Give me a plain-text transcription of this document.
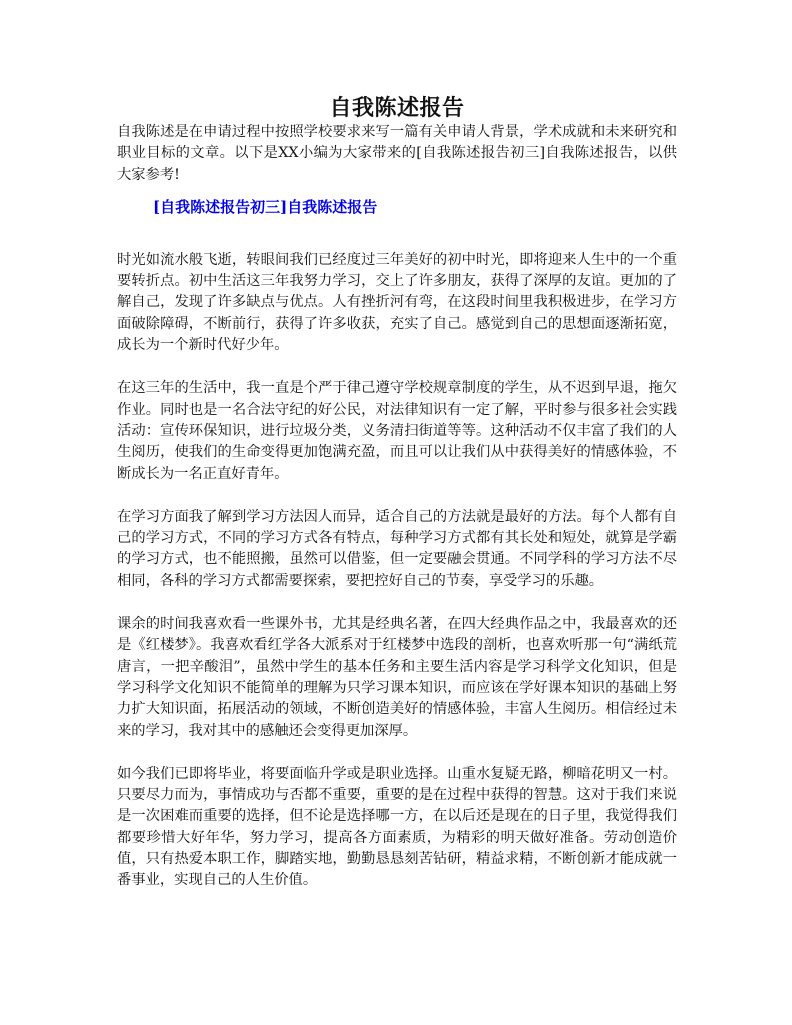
自我陈述报告

自我陈述是在申请过程中按照学校要求来写一篇有关申请人背景，学术成就和未来研究和职业目标的文章。以下是XX小编为大家带来的[自我陈述报告初三]自我陈述报告，以供大家参考!

[自我陈述报告初三]自我陈述报告

时光如流水般飞逝，转眼间我们已经度过三年美好的初中时光，即将迎来人生中的一个重要转折点。初中生活这三年我努力学习，交上了许多朋友，获得了深厚的友谊。更加的了解自己，发现了许多缺点与优点。人有挫折河有弯，在这段时间里我积极进步，在学习方面破除障碍，不断前行，获得了许多收获，充实了自己。感觉到自己的思想面逐渐拓宽，成长为一个新时代好少年。

在这三年的生活中，我一直是个严于律己遵守学校规章制度的学生，从不迟到早退，拖欠作业。同时也是一名合法守纪的好公民，对法律知识有一定了解，平时参与很多社会实践活动：宣传环保知识，进行垃圾分类，义务清扫街道等等。这种活动不仅丰富了我们的人生阅历，使我们的生命变得更加饱满充盈，而且可以让我们从中获得美好的情感体验，不断成长为一名正直好青年。

在学习方面我了解到学习方法因人而异，适合自己的方法就是最好的方法。每个人都有自己的学习方式，不同的学习方式各有特点，每种学习方式都有其长处和短处，就算是学霸的学习方式，也不能照搬，虽然可以借鉴，但一定要融会贯通。不同学科的学习方法不尽相同，各科的学习方式都需要探索，要把控好自己的节奏，享受学习的乐趣。

课余的时间我喜欢看一些课外书，尤其是经典名著，在四大经典作品之中，我最喜欢的还是《红楼梦》。我喜欢看红学各大派系对于红楼梦中选段的剖析，也喜欢听那一句“满纸荒唐言，一把辛酸泪”，虽然中学生的基本任务和主要生活内容是学习科学文化知识，但是学习科学文化知识不能简单的理解为只学习课本知识，而应该在学好课本知识的基础上努力扩大知识面，拓展活动的领域，不断创造美好的情感体验，丰富人生阅历。相信经过未来的学习，我对其中的感触还会变得更加深厚。

如今我们已即将毕业，将要面临升学或是职业选择。山重水复疑无路，柳暗花明又一村。只要尽力而为，事情成功与否都不重要，重要的是在过程中获得的智慧。这对于我们来说是一次困难而重要的选择，但不论是选择哪一方，在以后还是现在的日子里，我觉得我们都要珍惜大好年华，努力学习，提高各方面素质，为精彩的明天做好准备。劳动创造价值，只有热爱本职工作，脚踏实地，勤勤恳恳刻苦钻研，精益求精，不断创新才能成就一番事业，实现自己的人生价值。
